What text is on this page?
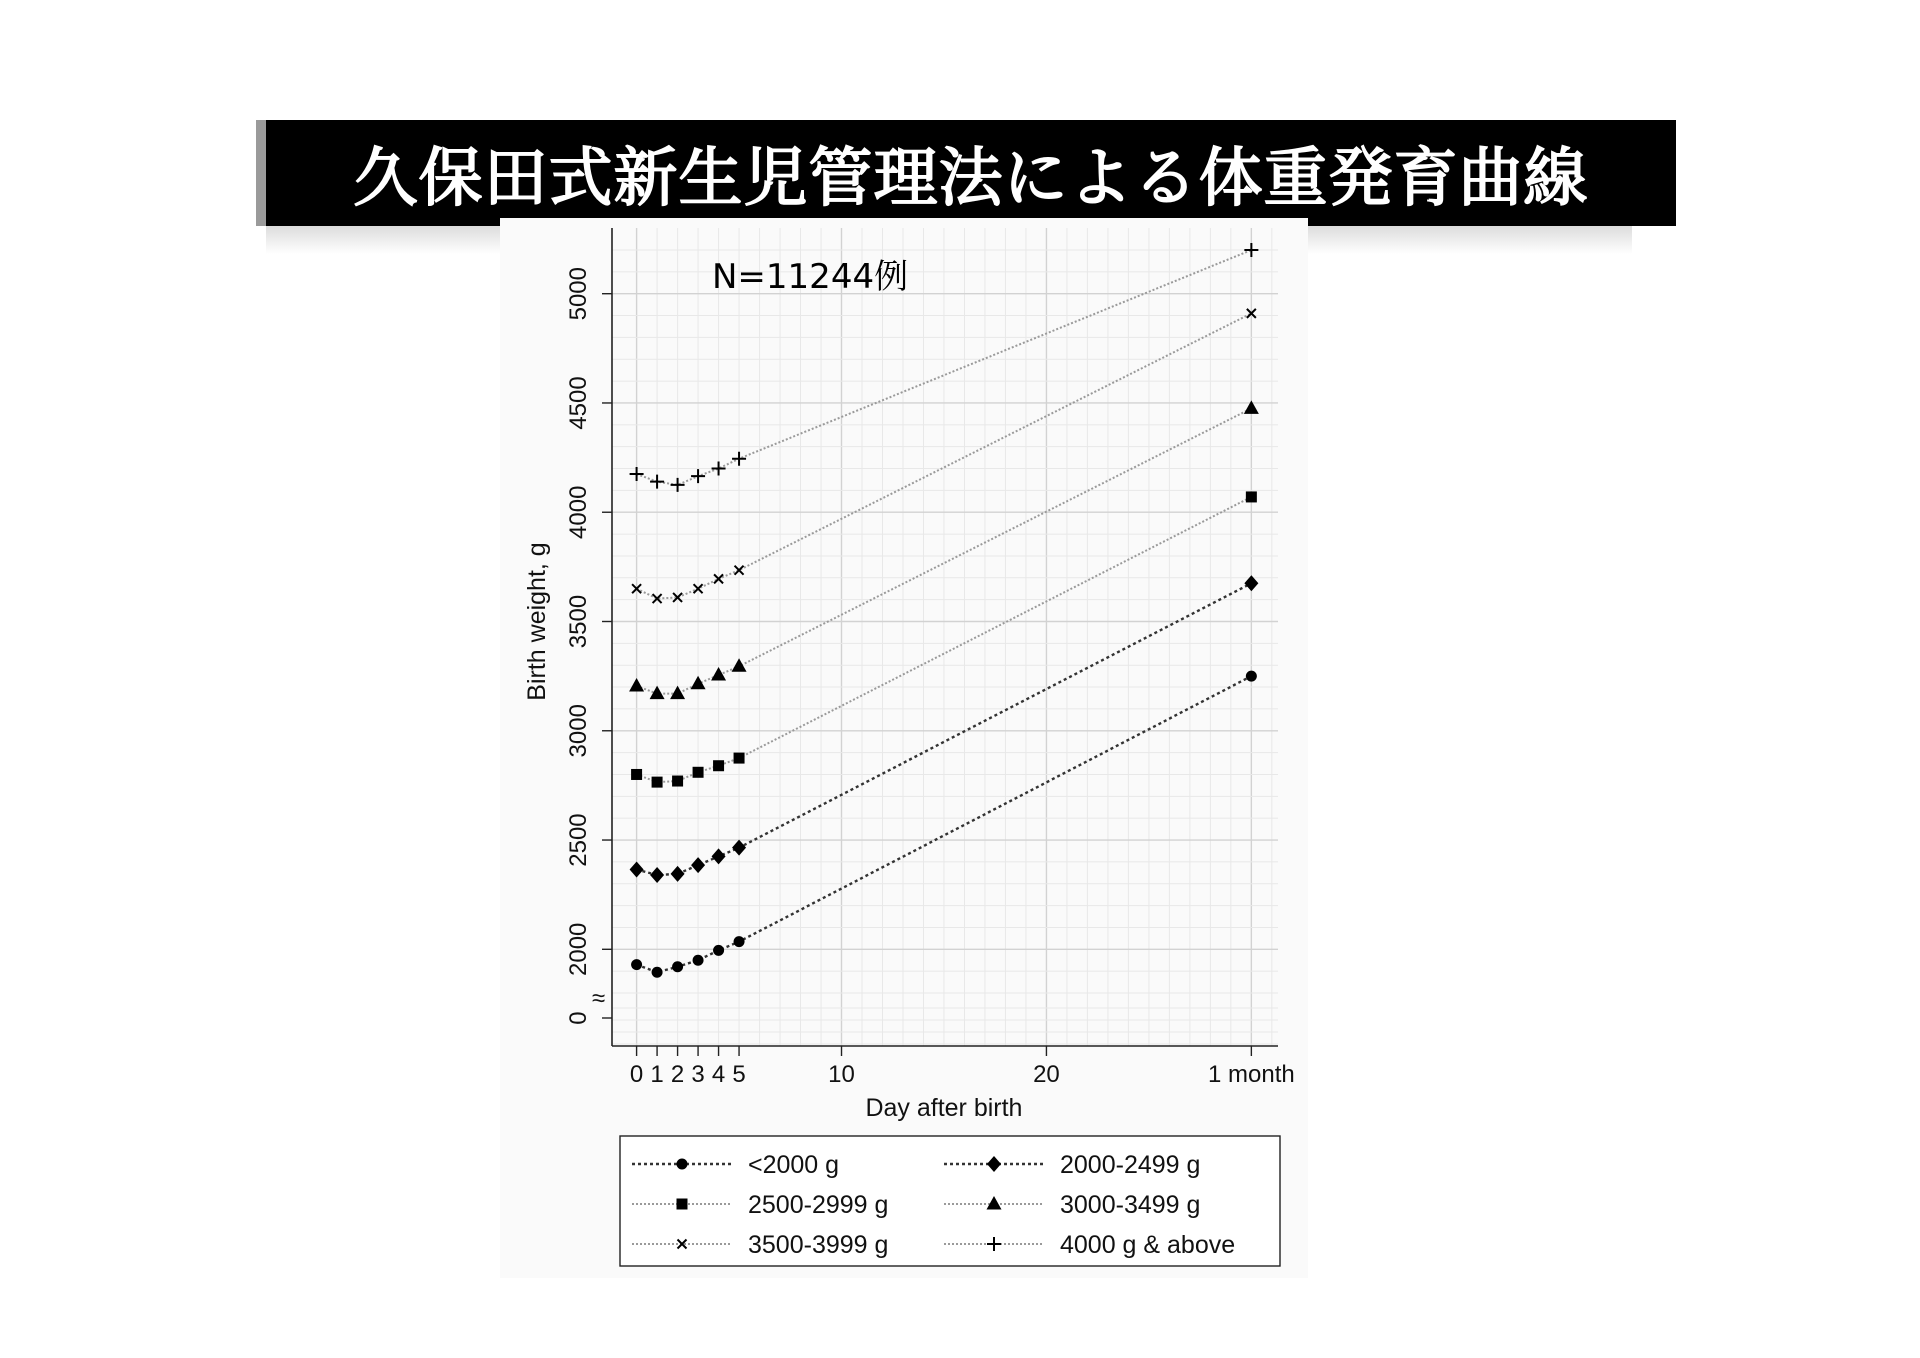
久保田式新生児管理法による体重発育曲線
≈
Birth weight, g
Day after birth
0
2000
2500
3000
3500
4000
4500
5000
0 1 2 3 4 5	10	20	1 month
N=11244例
<2000 g	2000-2499 g
2500-2999 g	3000-3499 g
3500-3999 g	4000 g & above
